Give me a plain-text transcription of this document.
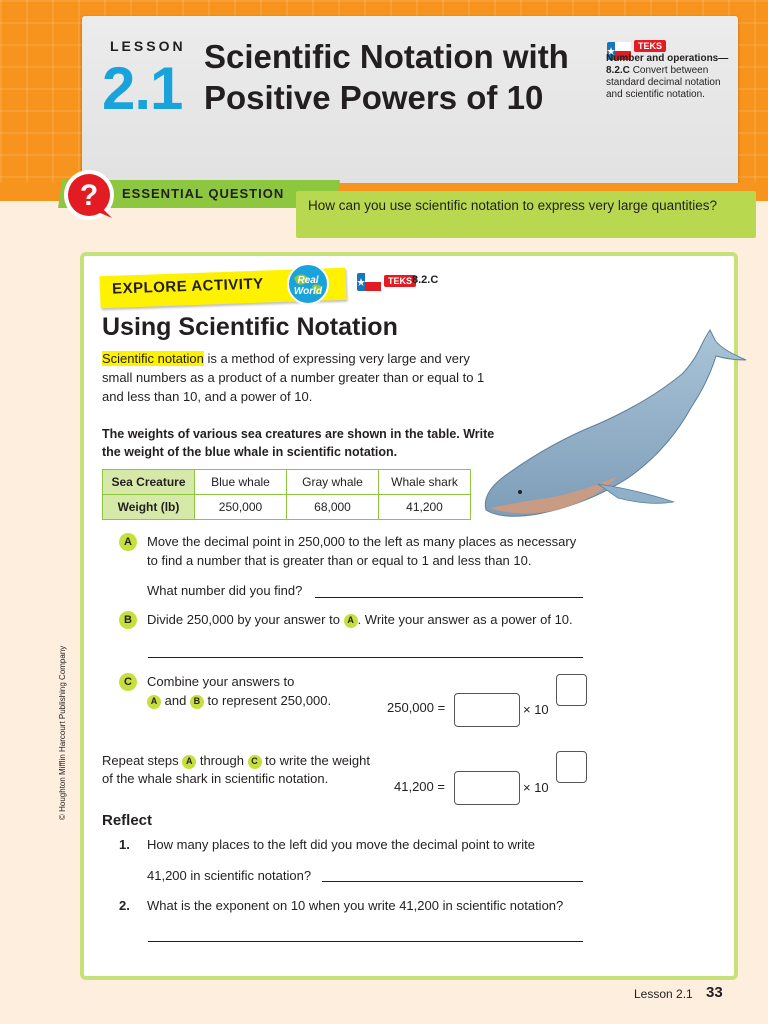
LESSON
2.1 Scientific Notation with Positive Powers of 10
TEKS
Number and operations—
8.2.C Convert between standard decimal notation and scientific notation.
ESSENTIAL QUESTION
How can you use scientific notation to express very large quantities?
?
EXPLORE ACTIVITY	Real
World
TEKS 8.2.C
Using Scientific Notation
Scientific notation is a method of expressing very large and very small numbers as a product of a number greater than or equal to 1 and less than 10, and a power of 10.
The weights of various sea creatures are shown in the table. Write the weight of the blue whale in scientific notation.
Sea Creature	Blue whale	Gray whale	Whale shark
Weight (lb)	250,000	68,000	41,200
A	Move the decimal point in 250,000 to the left as many places as necessary to find a number that is greater than or equal to 1 and less than 10.
What number did you find?
B	Divide 250,000 by your answer to A . Write your answer as a power of 10.
C	Combine your answers to
A and B to represent 250,000.	250,000 =	× 10
Repeat steps A through C to write the weight
of the whale shark in scientific notation.
41,200 =	× 10
Reflect
1. How many places to the left did you move the decimal point to write
41,200 in scientific notation?
2. What is the exponent on 10 when you write 41,200 in scientific notation?
© Houghton Mifflin Harcourt Publishing Company
Lesson 2.1 33
